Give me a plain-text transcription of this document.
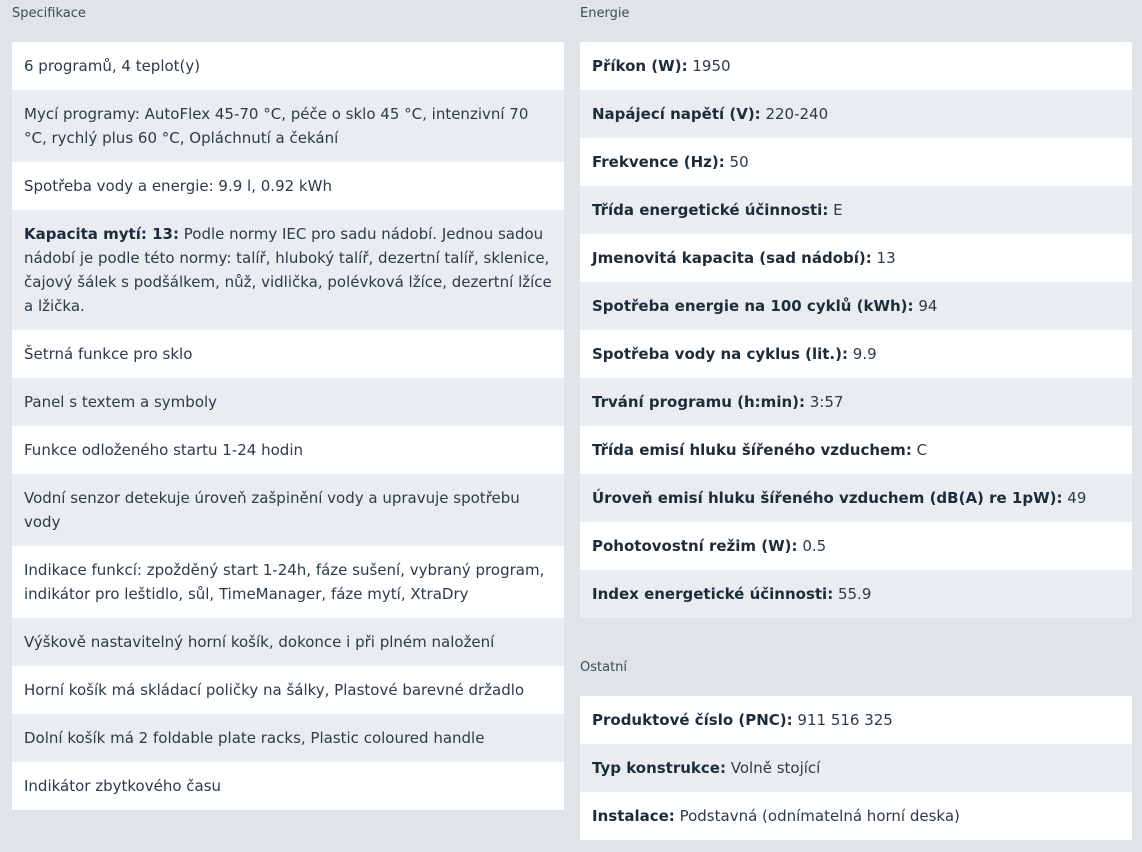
Specifikace
6 programů, 4 teplot(y)
Mycí programy: AutoFlex 45-70 °C, péče o sklo 45 °C, intenzivní 70 °C, rychlý plus 60 °C, Opláchnutí a čekání
Spotřeba vody a energie: 9.9 l, 0.92 kWh
Kapacita mytí: 13: Podle normy IEC pro sadu nádobí. Jednou sadou nádobí je podle této normy: talíř, hluboký talíř, dezertní talíř, sklenice, čajový šálek s podšálkem, nůž, vidlička, polévková lžíce, dezertní lžíce a lžička.
Šetrná funkce pro sklo
Panel s textem a symboly
Funkce odloženého startu 1-24 hodin
Vodní senzor detekuje úroveň zašpinění vody a upravuje spotřebu vody
Indikace funkcí: zpožděný start 1-24h, fáze sušení, vybraný program, indikátor pro leštidlo, sůl, TimeManager, fáze mytí, XtraDry
Výškově nastavitelný horní košík, dokonce i při plném naložení
Horní košík má skládací poličky na šálky, Plastové barevné držadlo
Dolní košík má 2 foldable plate racks, Plastic coloured handle
Indikátor zbytkového času
Energie
Příkon (W): 1950
Napájecí napětí (V): 220-240
Frekvence (Hz): 50
Třída energetické účinnosti: E
Jmenovitá kapacita (sad nádobí): 13
Spotřeba energie na 100 cyklů (kWh): 94
Spotřeba vody na cyklus (lit.): 9.9
Trvání programu (h:min): 3:57
Třída emisí hluku šířeného vzduchem: C
Úroveň emisí hluku šířeného vzduchem (dB(A) re 1pW): 49
Pohotovostní režim (W): 0.5
Index energetické účinnosti: 55.9
Ostatní
Produktové číslo (PNC): 911 516 325
Typ konstrukce: Volně stojící
Instalace: Podstavná (odnímatelná horní deska)
